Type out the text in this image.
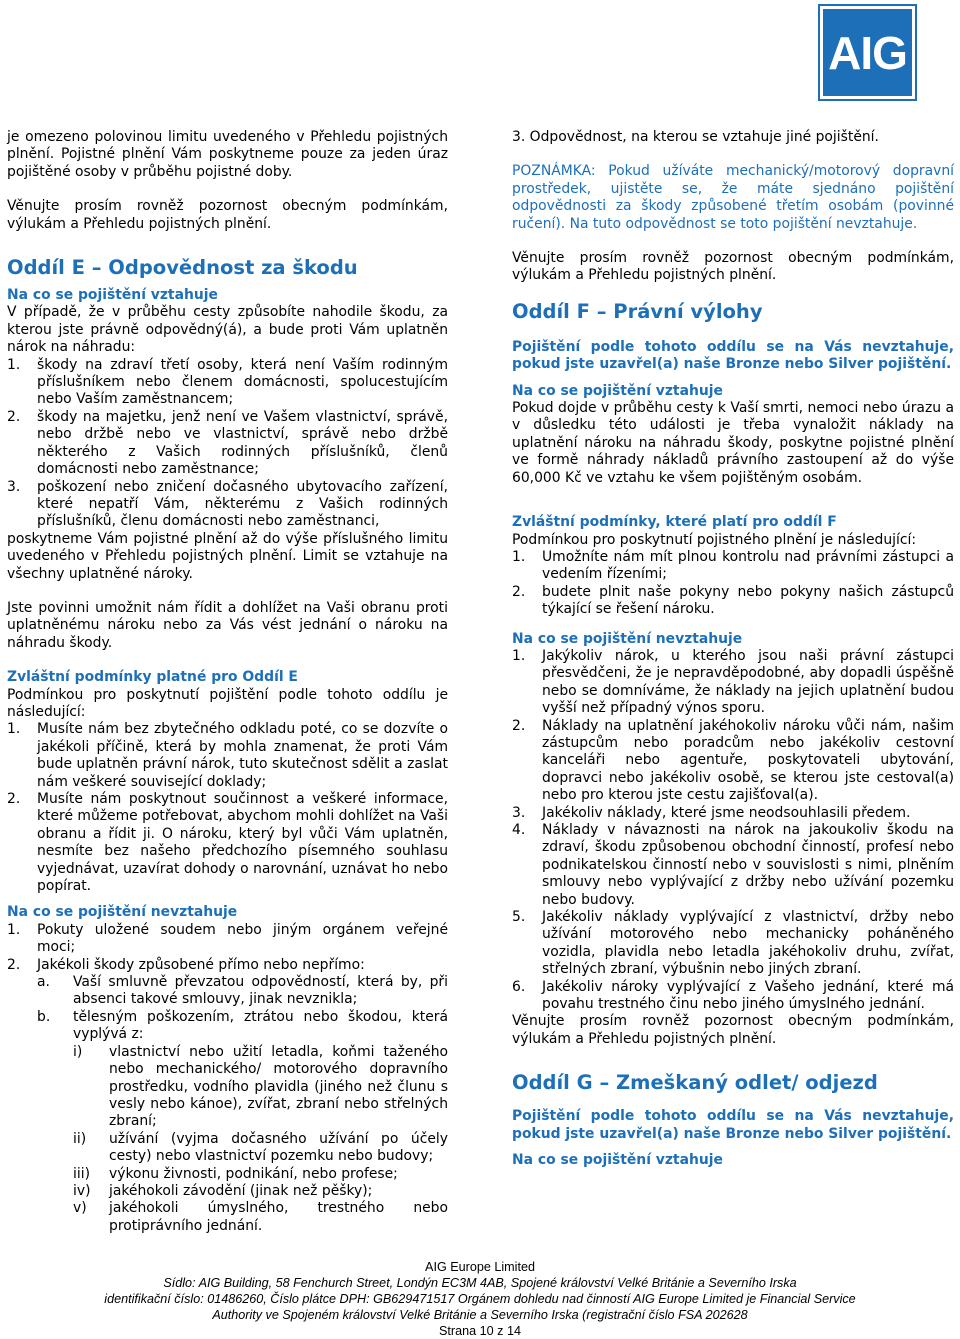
AIG

je omezeno polovinou limitu uvedeného v Přehledu pojistných plnění. Pojistné plnění Vám poskytneme pouze za jeden úraz pojištěné osoby v průběhu pojistné doby.

Věnujte prosím rovněž pozornost obecným podmínkám, výlukám a Přehledu pojistných plnění.

Oddíl E – Odpovědnost za škodu
Na co se pojištění vztahuje

V případě, že v průběhu cesty způsobíte nahodile škodu, za kterou jste právně odpovědný(á), a bude proti Vám uplatněn nárok na náhradu:

1. škody na zdraví třetí osoby, která není Vaším rodinným příslušníkem nebo členem domácnosti, spolucestujícím nebo Vaším zaměstnancem;
2. škody na majetku, jenž není ve Vašem vlastnictví, správě, nebo držbě nebo ve vlastnictví, správě nebo držbě některého z Vašich rodinných příslušníků, členů domácnosti nebo zaměstnance;
3. poškození nebo zničení dočasného ubytovacího zařízení, které nepatří Vám, některému z Vašich rodinných příslušníků, členu domácnosti nebo zaměstnanci,

poskytneme Vám pojistné plnění až do výše příslušného limitu uvedeného v Přehledu pojistných plnění. Limit se vztahuje na všechny uplatněné nároky.

Jste povinni umožnit nám řídit a dohlížet na Vaši obranu proti uplatněnému nároku nebo za Vás vést jednání o nároku na náhradu škody.

Zvláštní podmínky platné pro Oddíl E

Podmínkou pro poskytnutí pojištění podle tohoto oddílu je následující:

1. Musíte nám bez zbytečného odkladu poté, co se dozvíte o jakékoli příčině, která by mohla znamenat, že proti Vám bude uplatněn právní nárok, tuto skutečnost sdělit a zaslat nám veškeré související doklady;
2. Musíte nám poskytnout součinnost a veškeré informace, které můžeme potřebovat, abychom mohli dohlížet na Vaši obranu a řídit ji. O nároku, který byl vůči Vám uplatněn, nesmíte bez našeho předchozího písemného souhlasu vyjednávat, uzavírat dohody o narovnání, uznávat ho nebo popírat.
Na co se pojištění nevztahuje
1. Pokuty uložené soudem nebo jiným orgánem veřejné moci;
2. Jakékoli škody způsobené přímo nebo nepřímo:
a. Vaší smluvně převzatou odpovědností, která by, při absenci takové smlouvy, jinak nevznikla;
b. tělesným poškozením, ztrátou nebo škodou, která vyplývá z:
i) vlastnictví nebo užití letadla, koňmi taženého nebo mechanického/ motorového dopravního prostředku, vodního plavidla (jiného než člunu s vesly nebo kánoe), zvířat, zbraní nebo střelných zbraní;
ii) užívání (vyjma dočasného užívání po účely cesty) nebo vlastnictví pozemku nebo budovy;
iii) výkonu živnosti, podnikání, nebo profese;
iv) jakéhokoli závodění (jinak než pěšky);
v) jakéhokoli úmyslného, trestného nebo protiprávního jednání.

3. Odpovědnost, na kterou se vztahuje jiné pojištění.

POZNÁMKA: Pokud užíváte mechanický/motorový dopravní prostředek, ujistěte se, že máte sjednáno pojištění odpovědnosti za škody způsobené třetím osobám (povinné ručení). Na tuto odpovědnost se toto pojištění nevztahuje.

Věnujte prosím rovněž pozornost obecným podmínkám, výlukám a Přehledu pojistných plnění.

Oddíl F – Právní výlohy

Pojištění podle tohoto oddílu se na Vás nevztahuje, pokud jste uzavřel(a) naše Bronze nebo Silver pojištění.

Na co se pojištění vztahuje

Pokud dojde v průběhu cesty k Vaší smrti, nemoci nebo úrazu a v důsledku této události je třeba vynaložit náklady na uplatnění nároku na náhradu škody, poskytne pojistné plnění ve formě náhrady nákladů právního zastoupení až do výše 60,000 Kč ve vztahu ke všem pojištěným osobám.

Zvláštní podmínky, které platí pro oddíl F

Podmínkou pro poskytnutí pojistného plnění je následující:

1. Umožníte nám mít plnou kontrolu nad právními zástupci a vedením řízeními;
2. budete plnit naše pokyny nebo pokyny našich zástupců týkající se řešení nároku.
Na co se pojištění nevztahuje
1. Jakýkoliv nárok, u kterého jsou naši právní zástupci přesvědčeni, že je nepravděpodobné, aby dopadli úspěšně nebo se domníváme, že náklady na jejich uplatnění budou vyšší než případný výnos sporu.
2. Náklady na uplatnění jakéhokoliv nároku vůči nám, našim zástupcům nebo poradcům nebo jakékoliv cestovní kanceláři nebo agentuře, poskytovateli ubytování, dopravci nebo jakékoliv osobě, se kterou jste cestoval(a) nebo pro kterou jste cestu zajišťoval(a).
3. Jakékoliv náklady, které jsme neodsouhlasili předem.
4. Náklady v návaznosti na nárok na jakoukoliv škodu na zdraví, škodu způsobenou obchodní činností, profesí nebo podnikatelskou činností nebo v souvislosti s nimi, plněním smlouvy nebo vyplývající z držby nebo užívání pozemku nebo budovy.
5. Jakékoliv náklady vyplývající z vlastnictví, držby nebo užívání motorového nebo mechanicky poháněného vozidla, plavidla nebo letadla jakéhokoliv druhu, zvířat, střelných zbraní, výbušnin nebo jiných zbraní.
6. Jakékoliv nároky vyplývající z Vašeho jednání, které má povahu trestného činu nebo jiného úmyslného jednání.

Věnujte prosím rovněž pozornost obecným podmínkám, výlukám a Přehledu pojistných plnění.

Oddíl G – Zmeškaný odlet/ odjezd

Pojištění podle tohoto oddílu se na Vás nevztahuje, pokud jste uzavřel(a) naše Bronze nebo Silver pojištění.

Na co se pojištění vztahuje
AIG Europe Limited
Sídlo: AIG Building, 58 Fenchurch Street, Londýn EC3M 4AB, Spojené království Velké Británie a Severního Irska
identifikační číslo: 01486260, Číslo plátce DPH: GB629471517 Orgánem dohledu nad činností AIG Europe Limited je Financial Service
Authority ve Spojeném království Velké Británie a Severního Irska (registrační číslo FSA 202628
Strana 10 z 14
